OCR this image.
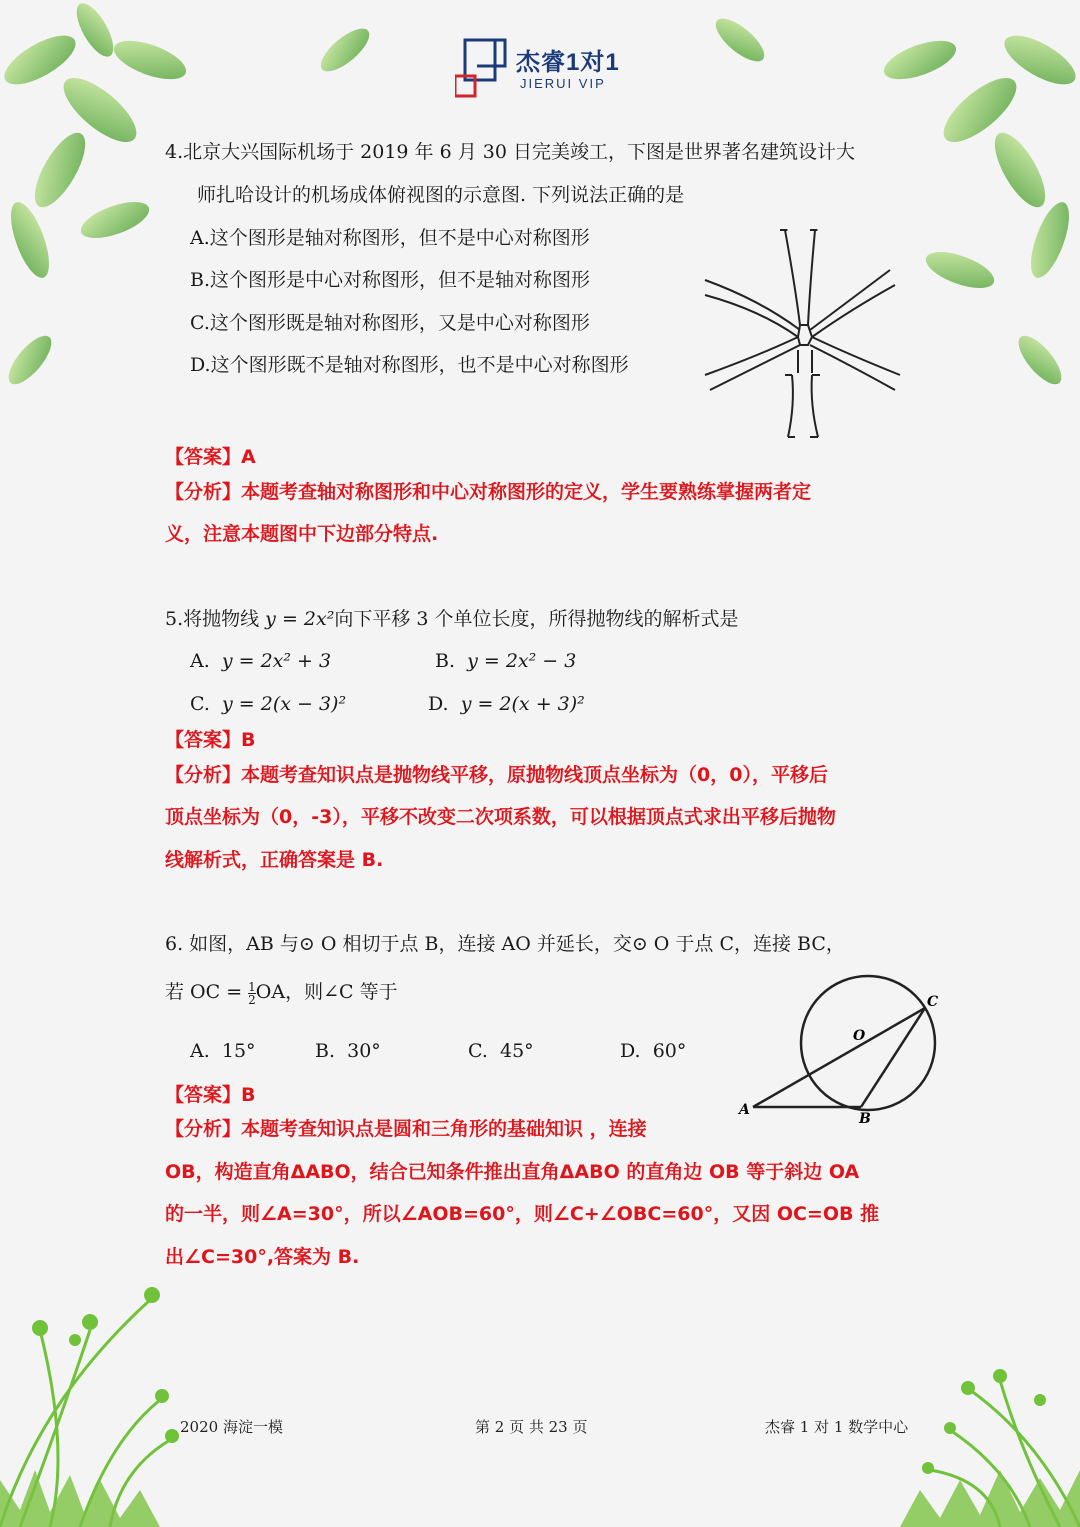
杰睿1对1
JIERUI VIP
4.北京大兴国际机场于 2019 年 6 月 30 日完美竣工，下图是世界著名建筑设计大
师扎哈设计的机场成体俯视图的示意图. 下列说法正确的是
A.这个图形是轴对称图形，但不是中心对称图形
B.这个图形是中心对称图形，但不是轴对称图形
C.这个图形既是轴对称图形，又是中心对称图形
D.这个图形既不是轴对称图形，也不是中心对称图形
【答案】A
【分析】本题考查轴对称图形和中心对称图形的定义，学生要熟练掌握两者定
义，注意本题图中下边部分特点.
5.将抛物线 y = 2x²向下平移 3 个单位长度，所得抛物线的解析式是
A. y = 2x² + 3	B. y = 2x² − 3
C. y = 2(x − 3)²	D. y = 2(x + 3)²
【答案】B
【分析】本题考查知识点是抛物线平移，原抛物线顶点坐标为（0，0），平移后
顶点坐标为（0，-3），平移不改变二次项系数，可以根据顶点式求出平移后抛物
线解析式，正确答案是 B.
6. 如图，AB 与⊙ O 相切于点 B，连接 AO 并延长，交⊙ O 于点 C，连接 BC，
若 OC = $\frac{1}{2}$ OA，则∠C 等于
A. 15°	B. 30°	C. 45°	D. 60°
O
C
A
B
【答案】B
【分析】本题考查知识点是圆和三角形的基础知识 ，连接
OB，构造直角ΔABO，结合已知条件推出直角ΔABO 的直角边 OB 等于斜边 OA
的一半，则∠A=30°，所以∠AOB=60°，则∠C+∠OBC=60°，又因 OC=OB 推
出∠C=30°,答案为 B.
2020 海淀一模	第 2 页 共 23 页	杰睿 1 对 1 数学中心
